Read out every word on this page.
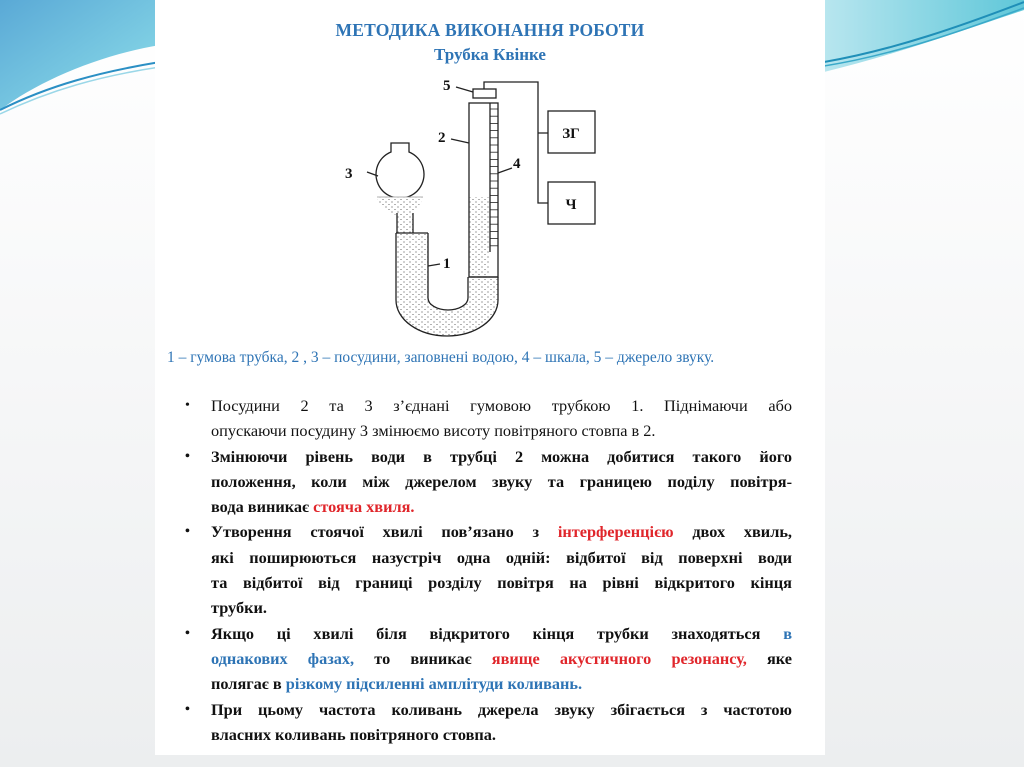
МЕТОДИКА ВИКОНАННЯ РОБОТИ
Трубка Квінке
5
2
3
4
1
ЗГ
Ч
1 – гумова трубка, 2 , 3 – посудини, заповнені водою, 4 – шкала, 5 – джерело звуку.
• Посудини 2 та 3 з’єднані гумовою трубкою 1. Піднімаючи або
опускаючи посудину 3 змінюємо висоту повітряного стовпа в 2.
• Змінюючи рівень води в трубці 2 можна добитися такого його
положення, коли між джерелом звуку та границею поділу повітря-
вода виникає стояча хвиля.
• Утворення стоячої хвилі пов’язано з інтерференцією двох хвиль,
які поширюються назустріч одна одній: відбитої від поверхні води
та відбитої від границі розділу повітря на рівні відкритого кінця
трубки.
• Якщо ці хвилі біля відкритого кінця трубки знаходяться в
однакових фазах, то виникає явище акустичного резонансу, яке
полягає в різкому підсиленні амплітуди коливань.
• При цьому частота коливань джерела звуку збігається з частотою
власних коливань повітряного стовпа.
